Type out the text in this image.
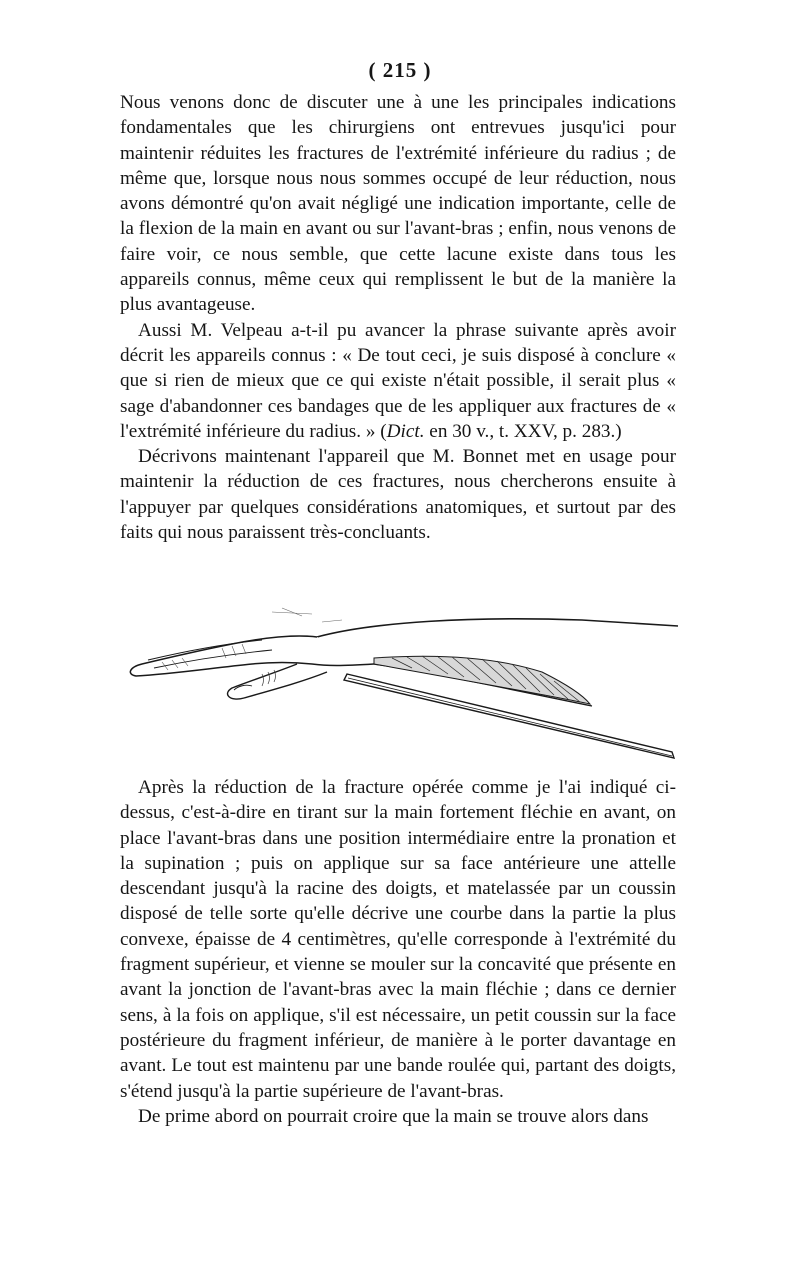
( 215 )

Nous venons donc de discuter une à une les principales indications fondamentales que les chirurgiens ont entrevues jusqu'ici pour maintenir réduites les fractures de l'extrémité inférieure du radius ; de même que, lorsque nous nous sommes occupé de leur réduction, nous avons démontré qu'on avait négligé une indication importante, celle de la flexion de la main en avant ou sur l'avant-bras ; enfin, nous venons de faire voir, ce nous semble, que cette lacune existe dans tous les appareils connus, même ceux qui remplissent le but de la manière la plus avantageuse.

Aussi M. Velpeau a-t-il pu avancer la phrase suivante après avoir décrit les appareils connus : « De tout ceci, je suis disposé à conclure « que si rien de mieux que ce qui existe n'était possible, il serait plus « sage d'abandonner ces bandages que de les appliquer aux fractures de « l'extrémité inférieure du radius. » (Dict. en 30 v., t. XXV, p. 283.)

Décrivons maintenant l'appareil que M. Bonnet met en usage pour maintenir la réduction de ces fractures, nous chercherons ensuite à l'appuyer par quelques considérations anatomiques, et surtout par des faits qui nous paraissent très-concluants.

Après la réduction de la fracture opérée comme je l'ai indiqué ci-dessus, c'est-à-dire en tirant sur la main fortement fléchie en avant, on place l'avant-bras dans une position intermédiaire entre la pronation et la supination ; puis on applique sur sa face antérieure une attelle descendant jusqu'à la racine des doigts, et matelassée par un coussin disposé de telle sorte qu'elle décrive une courbe dans la partie la plus convexe, épaisse de 4 centimètres, qu'elle corresponde à l'extrémité du fragment supérieur, et vienne se mouler sur la concavité que présente en avant la jonction de l'avant-bras avec la main fléchie ; dans ce dernier sens, à la fois on applique, s'il est nécessaire, un petit coussin sur la face postérieure du fragment inférieur, de manière à le porter davantage en avant. Le tout est maintenu par une bande roulée qui, partant des doigts, s'étend jusqu'à la partie supérieure de l'avant-bras.

De prime abord on pourrait croire que la main se trouve alors dans
